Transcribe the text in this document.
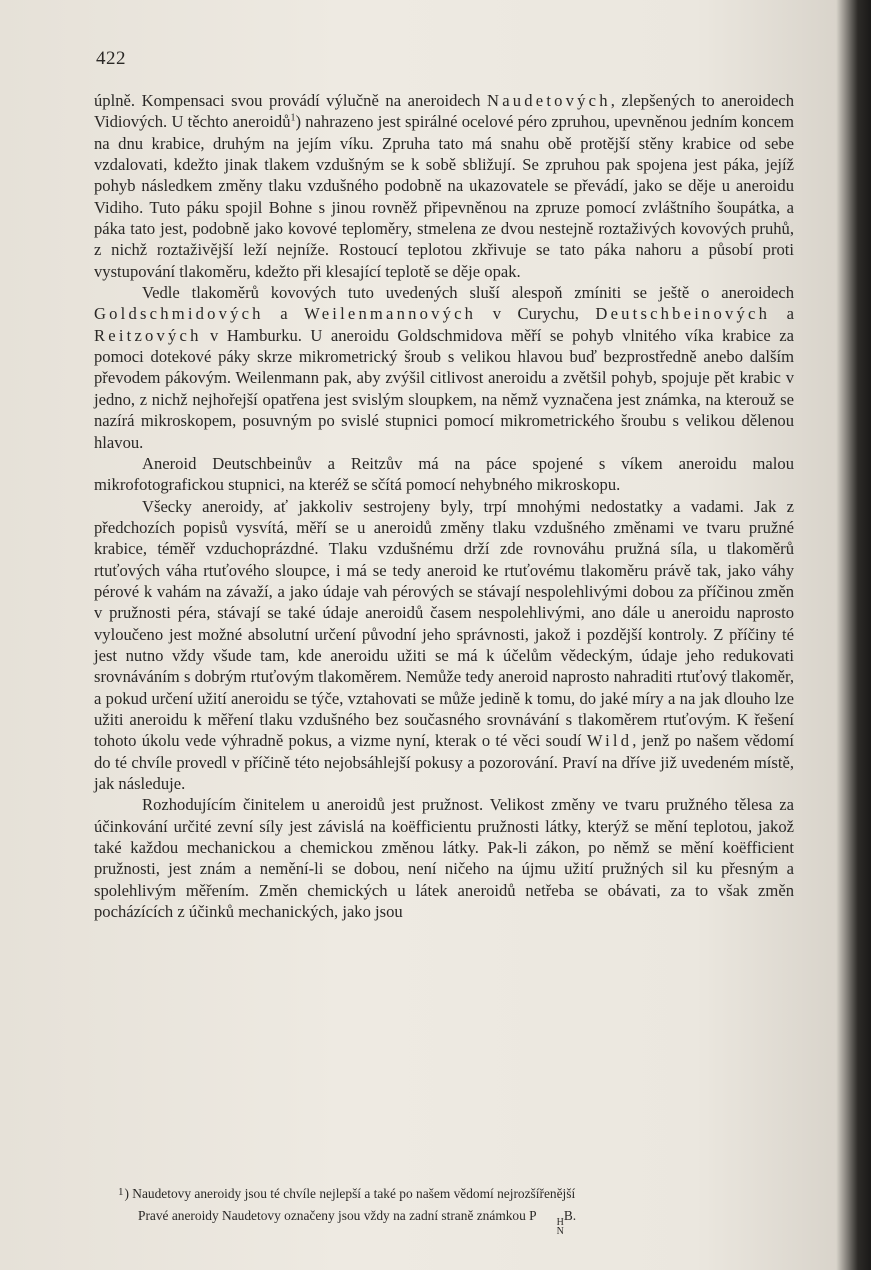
422

úplně. Kompensaci svou provádí výlučně na aneroidech Naudetových, zlepšených to aneroidech Vidiových. U těchto aneroidů$^1$) nahrazeno jest spirálné ocelové péro zpruhou, upevněnou jedním koncem na dnu krabice, druhým na jejím víku. Zpruha tato má snahu obě protější stěny krabice od sebe vzdalovati, kdežto jinak tlakem vzdušným se k sobě sbližují. Se zpruhou pak spojena jest páka, jejíž pohyb následkem změny tlaku vzdušného podobně na ukazovatele se převádí, jako se děje u aneroidu Vidiho. Tuto páku spojil Bohne s jinou rovněž připevněnou na zpruze pomocí zvláštního šoupátka, a páka tato jest, podobně jako kovové teploměry, stmelena ze dvou nestejně roztaživých kovových pruhů, z nichž roztaživější leží nejníže. Rostoucí teplotou zkřivuje se tato páka nahoru a působí proti vystupování tlakoměru, kdežto při klesající teplotě se děje opak.

Vedle tlakoměrů kovových tuto uvedených sluší alespoň zmíniti se ještě o aneroidech Goldschmidových a Weilenmannových v Curychu, Deutschbeinových a Reitzových v Hamburku. U aneroidu Goldschmidova měří se pohyb vlnitého víka krabice za pomoci dotekové páky skrze mikrometrický šroub s velikou hlavou buď bezprostředně anebo dalším převodem pákovým. Weilenmann pak, aby zvýšil citlivost aneroidu a zvětšil pohyb, spojuje pět krabic v jedno, z nichž nejhořejší opatřena jest svislým sloupkem, na němž vyznačena jest známka, na kterouž se nazírá mikroskopem, posuvným po svislé stupnici pomocí mikrometrického šroubu s velikou dělenou hlavou.

Aneroid Deutschbeinův a Reitzův má na páce spojené s víkem aneroidu malou mikrofotografickou stupnici, na kteréž se sčítá pomocí nehybného mikroskopu.

Všecky aneroidy, ať jakkoliv sestrojeny byly, trpí mnohými nedostatky a vadami. Jak z předchozích popisů vysvítá, měří se u aneroidů změny tlaku vzdušného změnami ve tvaru pružné krabice, téměř vzduchoprázdné. Tlaku vzdušnému drží zde rovnováhu pružná síla, u tlakoměrů rtuťových váha rtuťového sloupce, i má se tedy aneroid ke rtuťovému tlakoměru právě tak, jako váhy pérové k vahám na závaží, a jako údaje vah pérových se stávají nespolehlivými dobou za příčinou změn v pružnosti péra, stávají se také údaje aneroidů časem nespolehlivými, ano dále u aneroidu naprosto vyloučeno jest možné absolutní určení původní jeho správnosti, jakož i pozdější kontroly. Z příčiny té jest nutno vždy všude tam, kde aneroidu užiti se má k účelům vědeckým, údaje jeho redukovati srovnáváním s dobrým rtuťovým tlakoměrem. Nemůže tedy aneroid naprosto nahraditi rtuťový tlakoměr, a pokud určení užití aneroidu se týče, vztahovati se může jedině k tomu, do jaké míry a na jak dlouho lze užiti aneroidu k měření tlaku vzdušného bez současného srovnávání s tlakoměrem rtuťovým. K řešení tohoto úkolu vede výhradně pokus, a vizme nyní, kterak o té věci soudí Wild, jenž po našem vědomí do té chvíle provedl v příčině této nejobsáhlejší pokusy a pozorování. Praví na dříve již uvedeném místě, jak následuje.

Rozhodujícím činitelem u aneroidů jest pružnost. Velikost změny ve tvaru pružného tělesa za účinkování určité zevní síly jest závislá na koëfficientu pružnosti látky, kterýž se mění teplotou, jakož také každou mechanickou a chemickou změnou látky. Pak-li zákon, po němž se mění koëfficient pružnosti, jest znám a nemění-li se dobou, není ničeho na újmu užití pružných sil ku přesným a spolehlivým měřením. Změn chemických u látek aneroidů netřeba se obávati, za to však změn pocházících z účinků mechanických, jako jsou

$^1$) Naudetovy aneroidy jsou té chvíle nejlepší a také po našem vědomí nejrozšířenější

Pravé aneroidy Naudetovy označeny jsou vždy na zadní straně známkou P	H
N
B.
